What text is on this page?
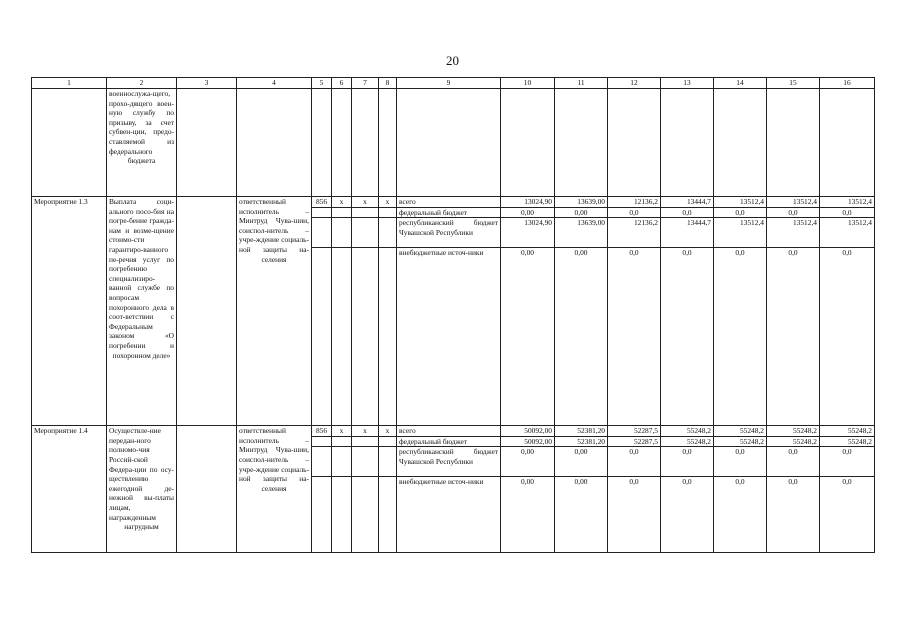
20
1	2	3	4	5	6	7	8	9	10	11	12	13	14	15	16
	военнослужа-щего, прохо-дящего воен-ную службу по призыву, за счет субвен-ции, предо-ставляемой из федерального бюджета														
Мероприятие 1.3	Выплата соци-ального посо-бия на погре-бение гражда-нам и возме-щение стоимо-сти гарантиро-ванного пе-речня услуг по погребению специализиро-ванной службе по вопросам похоронного дела в соот-ветствии с Федеральным законом «О погребении и похоронном деле»		ответственный исполнитель – Минтруд Чува-шии, соиспол-нитель – учре-ждение социаль-ной защиты на-селения	856	x	x	x	всего	13024,90	13639,00	12136,2	13444,7	13512,4	13512,4	13512,4
								федеральный бюджет	0,00	0,00	0,0	0,0	0,0	0,0	0,0
								республиканский бюджет Чувашской Республики	13024,90	13639,00	12136,2	13444,7	13512,4	13512,4	13512,4
								внебюджетные источ-ники	0,00	0,00	0,0	0,0	0,0	0,0	0,0
Мероприятие 1.4	Осуществле-ние передан-ного полномо-чия Россий-ской Федера-ции по осу-ществлению ежегодной де-нежной вы-платы лицам, награжденным нагрудным		ответственный исполнитель – Минтруд Чува-шии, соиспол-нитель – учре-ждение социаль-ной защиты на-селения	856	x	x	x	всего	50092,00	52381,20	52287,5	55248,2	55248,2	55248,2	55248,2
								федеральный бюджет	50092,00	52381,20	52287,5	55248,2	55248,2	55248,2	55248,2
								республиканский бюджет Чувашской Республики	0,00	0,00	0,0	0,0	0,0	0,0	0,0
								внебюджетные источ-ники	0,00	0,00	0,0	0,0	0,0	0,0	0,0
